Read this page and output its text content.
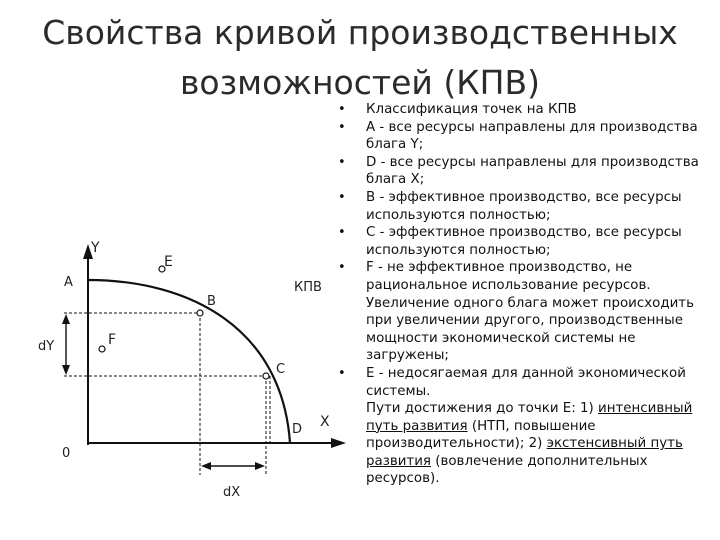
Свойства кривой производственных
возможностей (КПВ)
Y
X
КПВ
0
dY
dX
A
B
C
D
E
F
• Классификация точек на КПВ
• А - все ресурсы направлены для производства блага Y;
• D - все ресурсы направлены для производства блага X;
• В - эффективное производство, все ресурсы используются полностью;
• С - эффективное производство, все ресурсы используются полностью;
• F - не эффективное производство, не рациональное использование ресурсов. Увеличение одного блага может происходить при увеличении другого, производственные мощности экономической системы не загружены;
• E - недосягаемая для данной экономической системы.
Пути достижения до точки Е: 1) интенсивный путь развития (НТП, повышение производительности); 2) экстенсивный путь развития (вовлечение дополнительных ресурсов).
